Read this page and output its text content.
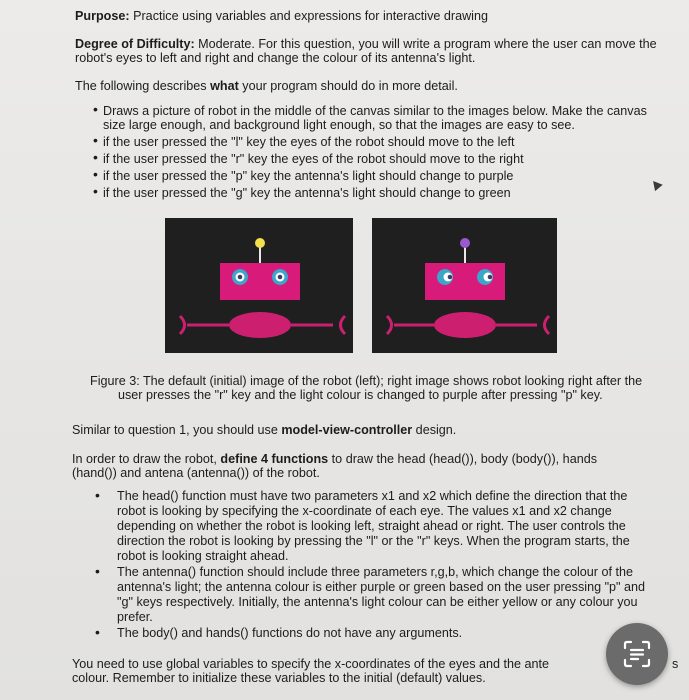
Purpose: Practice using variables and expressions for interactive drawing
Degree of Difficulty: Moderate. For this question, you will write a program where the user can move the
robot's eyes to left and right and change the colour of its antenna's light.
The following describes what your program should do in more detail.
• Draws a picture of robot in the middle of the canvas similar to the images below. Make the canvas
size large enough, and background light enough, so that the images are easy to see.
• if the user pressed the "l" key the eyes of the robot should move to the left
• if the user pressed the "r" key the eyes of the robot should move to the right
• if the user pressed the "p" key the antenna's light should change to purple
• if the user pressed the "g" key the antenna's light should change to green
Figure 3: The default (initial) image of the robot (left); right image shows robot looking right after the
user presses the "r" key and the light colour is changed to purple after pressing "p" key.
Similar to question 1, you should use model-view-controller design.
In order to draw the robot, define 4 functions to draw the head (head()), body (body()), hands
(hand()) and antena (antenna()) of the robot.
• The head() function must have two parameters x1 and x2 which define the direction that the
robot is looking by specifying the x-coordinate of each eye. The values x1 and x2 change
depending on whether the robot is looking left, straight ahead or right. The user controls the
direction the robot is looking by pressing the "l" or the "r" keys. When the program starts, the
robot is looking straight ahead.
• The antenna() function should include three parameters r,g,b, which change the colour of the
antenna's light; the antenna colour is either purple or green based on the user pressing "p" and
"g" keys respectively. Initially, the antenna's light colour can be either yellow or any colour you
prefer.
• The body() and hands() functions do not have any arguments.
You need to use global variables to specify the x-coordinates of the eyes and the ante	s
colour. Remember to initialize these variables to the initial (default) values.
